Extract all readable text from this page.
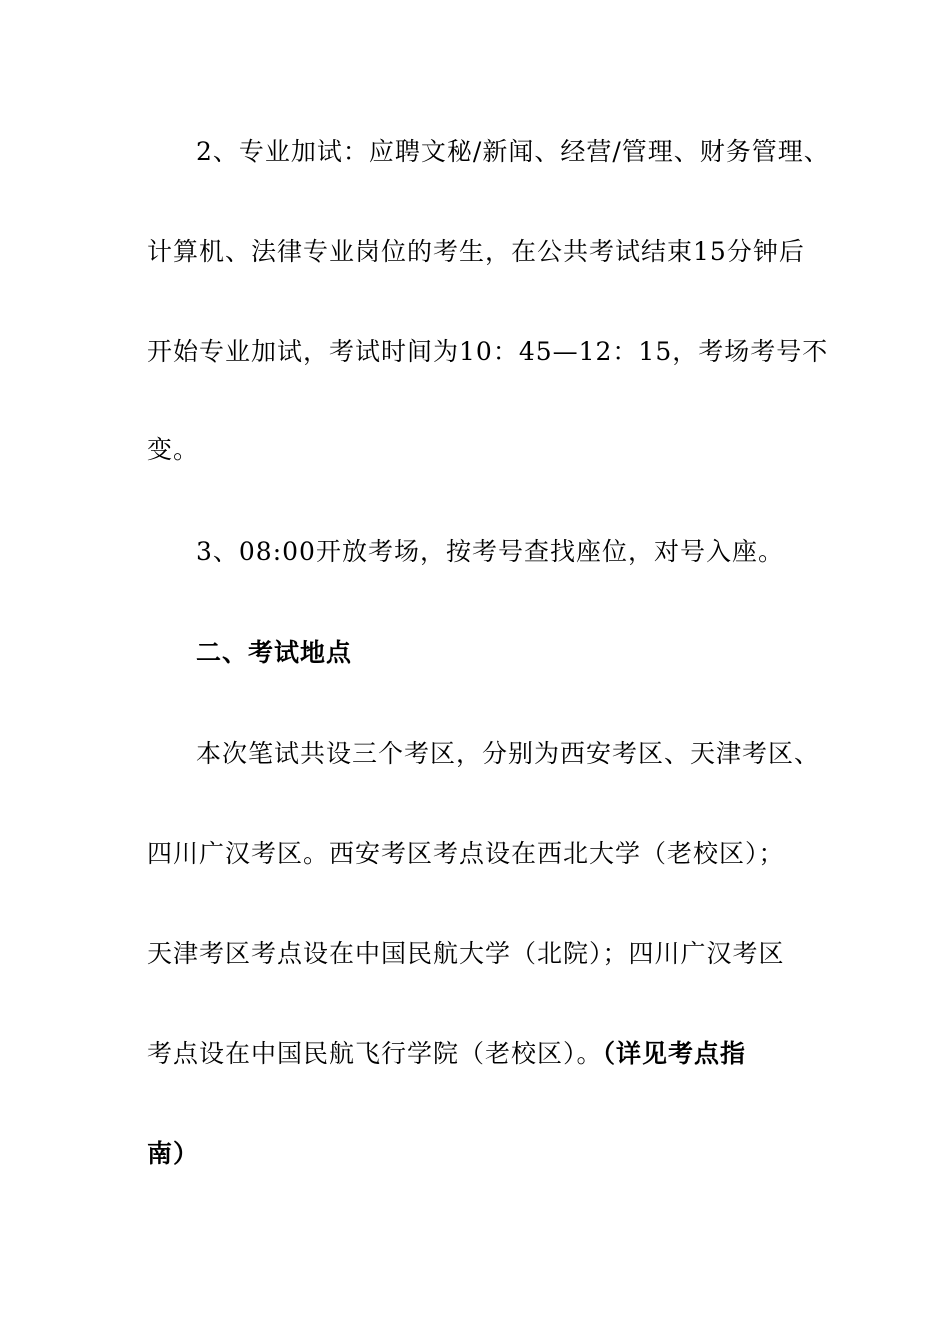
2、专业加试：应聘文秘/新闻、经营/管理、财务管理、
计算机、法律专业岗位的考生，在公共考试结束15分钟后
开始专业加试，考试时间为10：45—12：15，考场考号不
变。
3、08:00开放考场，按考号查找座位，对号入座。
二、考试地点
本次笔试共设三个考区，分别为西安考区、天津考区、
四川广汉考区。西安考区考点设在西北大学（老校区）；
天津考区考点设在中国民航大学（北院）；四川广汉考区
考点设在中国民航飞行学院（老校区）。（详见考点指
南）
